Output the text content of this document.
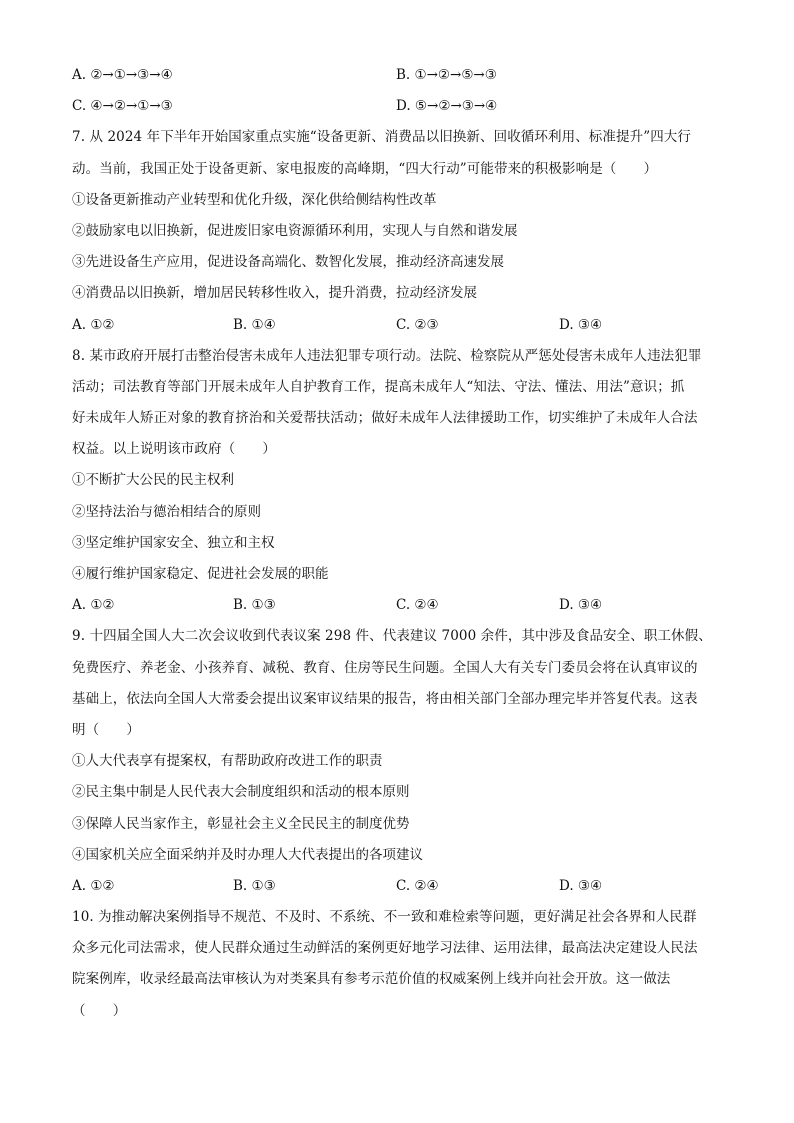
A. ②→①→③→④	B. ①→②→⑤→③
C. ④→②→①→③	D. ⑤→②→③→④
7. 从 2024 年下半年开始国家重点实施“设备更新、消费品以旧换新、回收循环利用、标准提升”四大行
动。当前，我国正处于设备更新、家电报废的高峰期，“四大行动”可能带来的积极影响是（　　）
①设备更新推动产业转型和优化升级，深化供给侧结构性改革
②鼓励家电以旧换新，促进废旧家电资源循环利用，实现人与自然和谐发展
③先进设备生产应用，促进设备高端化、数智化发展，推动经济高速发展
④消费品以旧换新，增加居民转移性收入，提升消费，拉动经济发展
A. ①②	B. ①④	C. ②③	D. ③④
8. 某市政府开展打击整治侵害未成年人违法犯罪专项行动。法院、检察院从严惩处侵害未成年人违法犯罪
活动；司法教育等部门开展未成年人自护教育工作，提高未成年人“知法、守法、懂法、用法”意识；抓
好未成年人矫正对象的教育挤治和关爱帮扶活动；做好未成年人法律援助工作，切实维护了未成年人合法
权益。以上说明该市政府（　　）
①不断扩大公民的民主权利
②坚持法治与德治相结合的原则
③坚定维护国家安全、独立和主权
④履行维护国家稳定、促进社会发展的职能
A. ①②	B. ①③	C. ②④	D. ③④
9. 十四届全国人大二次会议收到代表议案 298 件、代表建议 7000 余件，其中涉及食品安全、职工休假、
免费医疗、养老金、小孩养育、减税、教育、住房等民生问题。全国人大有关专门委员会将在认真审议的
基础上，依法向全国人大常委会提出议案审议结果的报告，将由相关部门全部办理完毕并答复代表。这表
明（　　）
①人大代表享有提案权，有帮助政府改进工作的职责
②民主集中制是人民代表大会制度组织和活动的根本原则
③保障人民当家作主，彰显社会主义全民民主的制度优势
④国家机关应全面采纳并及时办理人大代表提出的各项建议
A. ①②	B. ①③	C. ②④	D. ③④
10. 为推动解决案例指导不规范、不及时、不系统、不一致和难检索等问题，更好满足社会各界和人民群
众多元化司法需求，使人民群众通过生动鲜活的案例更好地学习法律、运用法律，最高法决定建设人民法
院案例库，收录经最高法审核认为对类案具有参考示范价值的权威案例上线并向社会开放。这一做法
（　　）
